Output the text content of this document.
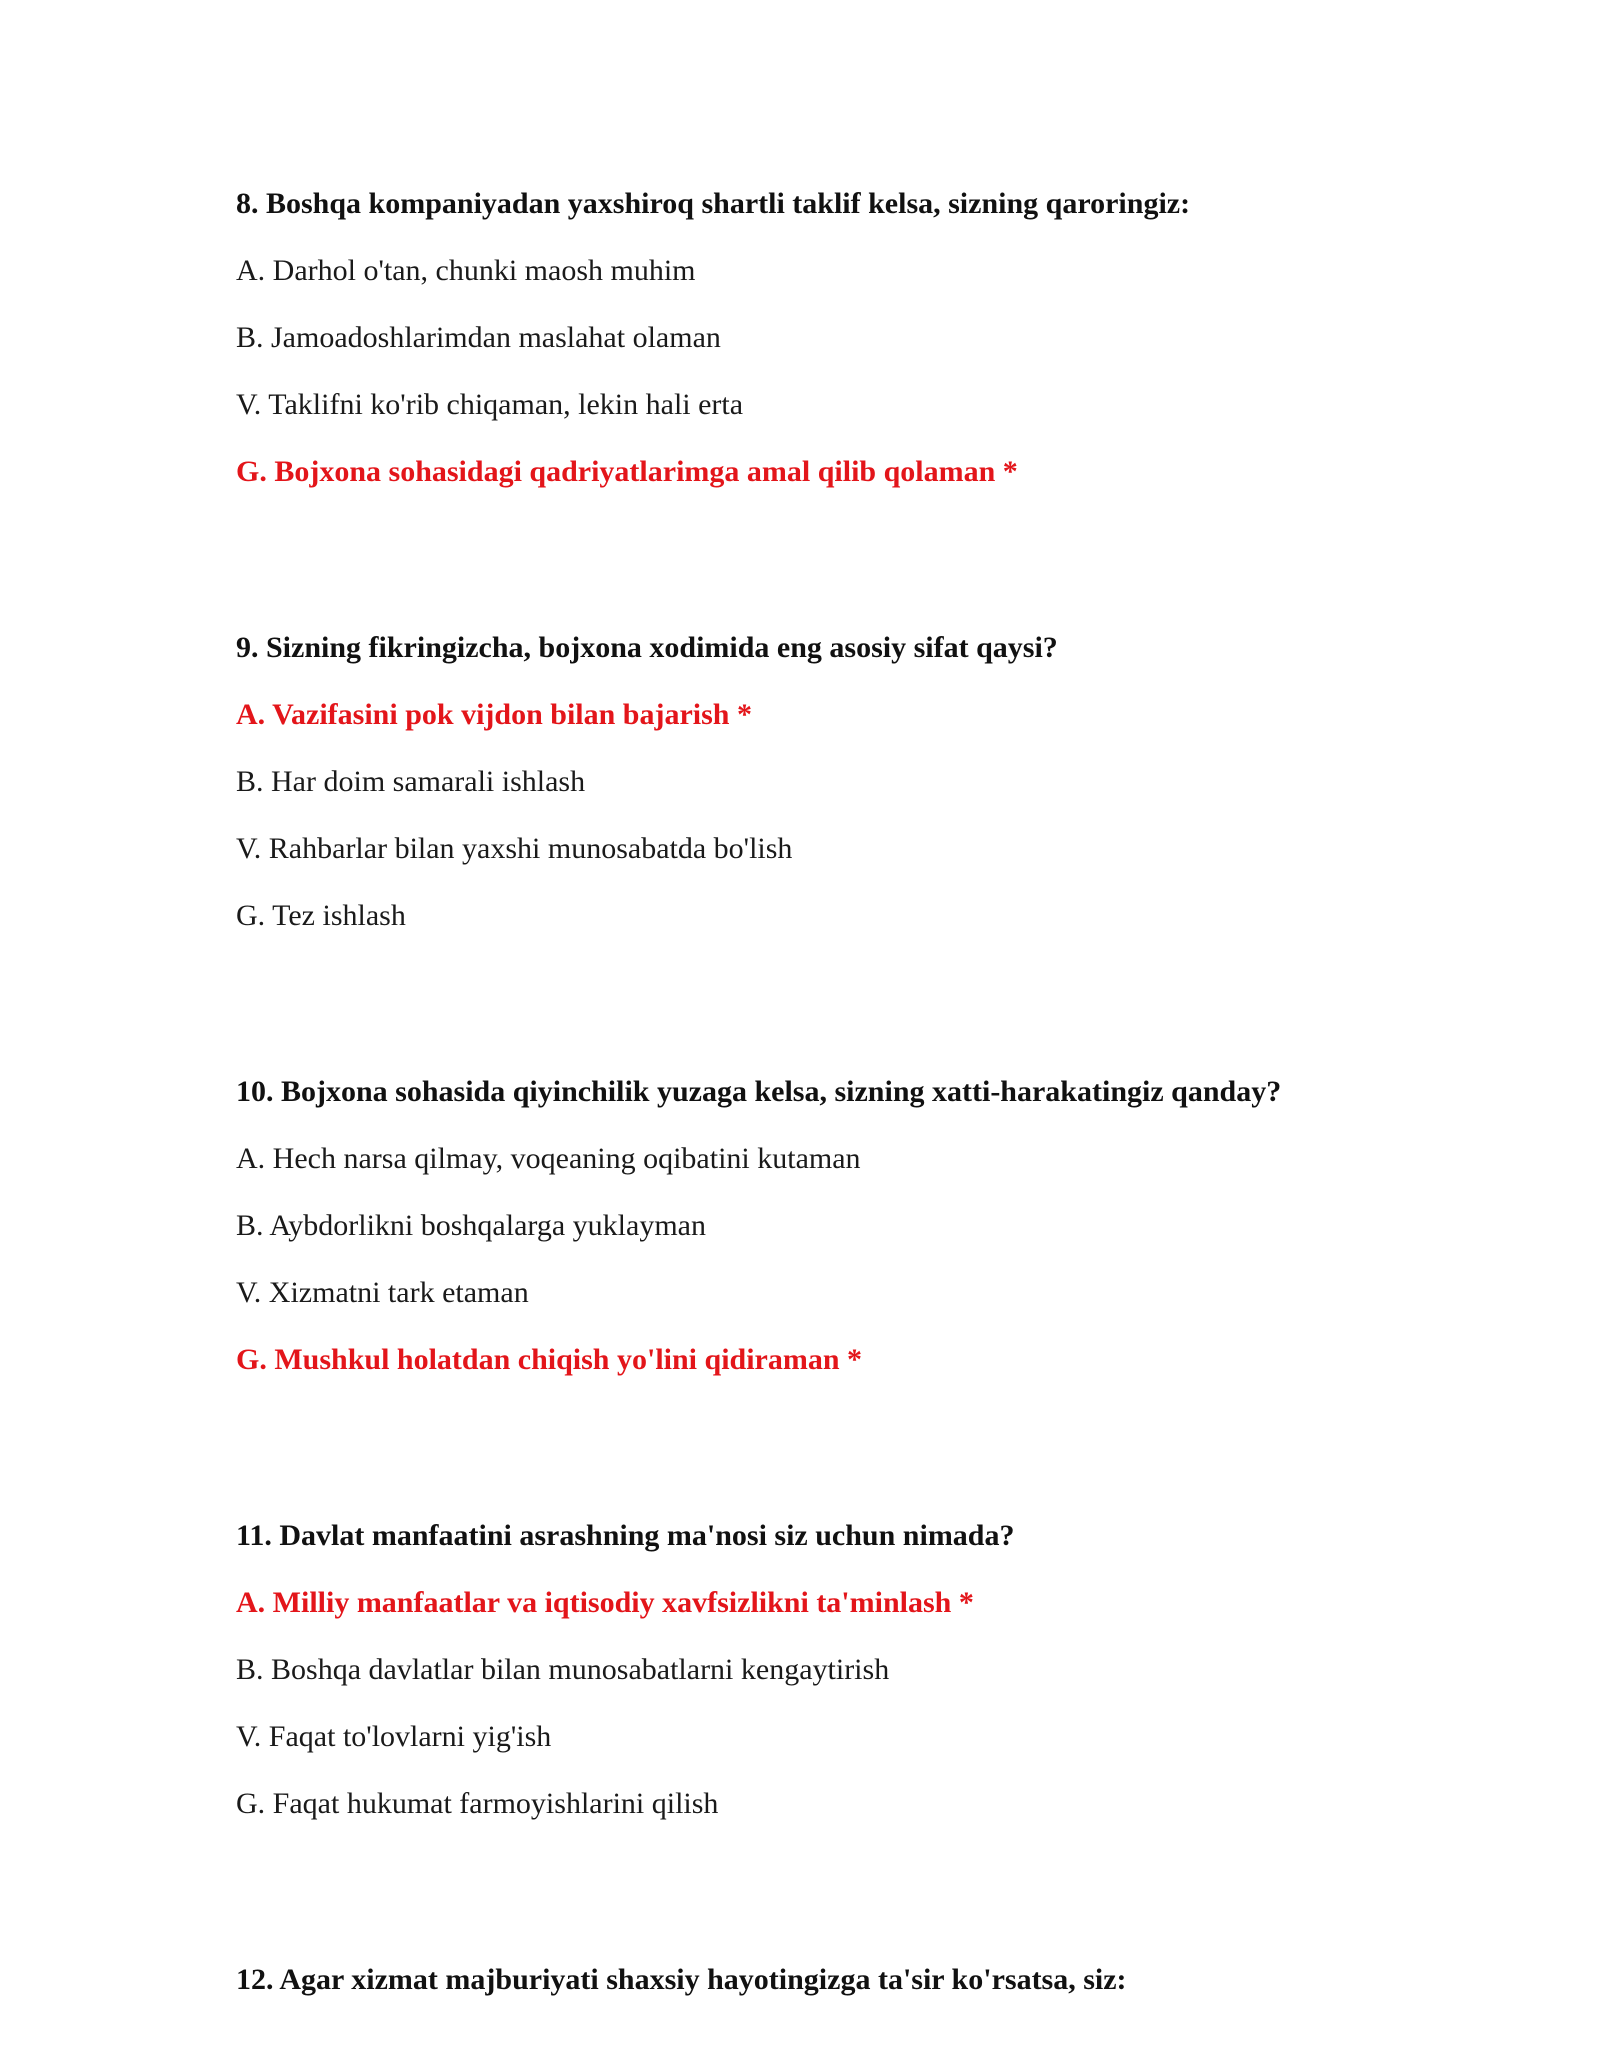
8. Boshqa kompaniyadan yaxshiroq shartli taklif kelsa, sizning qaroringiz:

A. Darhol o'tan, chunki maosh muhim

B. Jamoadoshlarimdan maslahat olaman

V. Taklifni ko'rib chiqaman, lekin hali erta

G. Bojxona sohasidagi qadriyatlarimga amal qilib qolaman *

9. Sizning fikringizcha, bojxona xodimida eng asosiy sifat qaysi?

A. Vazifasini pok vijdon bilan bajarish *

B. Har doim samarali ishlash

V. Rahbarlar bilan yaxshi munosabatda bo'lish

G. Tez ishlash

10. Bojxona sohasida qiyinchilik yuzaga kelsa, sizning xatti-harakatingiz qanday?

A. Hech narsa qilmay, voqeaning oqibatini kutaman

B. Aybdorlikni boshqalarga yuklayman

V. Xizmatni tark etaman

G. Mushkul holatdan chiqish yo'lini qidiraman *

11. Davlat manfaatini asrashning ma'nosi siz uchun nimada?

A. Milliy manfaatlar va iqtisodiy xavfsizlikni ta'minlash *

B. Boshqa davlatlar bilan munosabatlarni kengaytirish

V. Faqat to'lovlarni yig'ish

G. Faqat hukumat farmoyishlarini qilish

12. Agar xizmat majburiyati shaxsiy hayotingizga ta'sir ko'rsatsa, siz:
